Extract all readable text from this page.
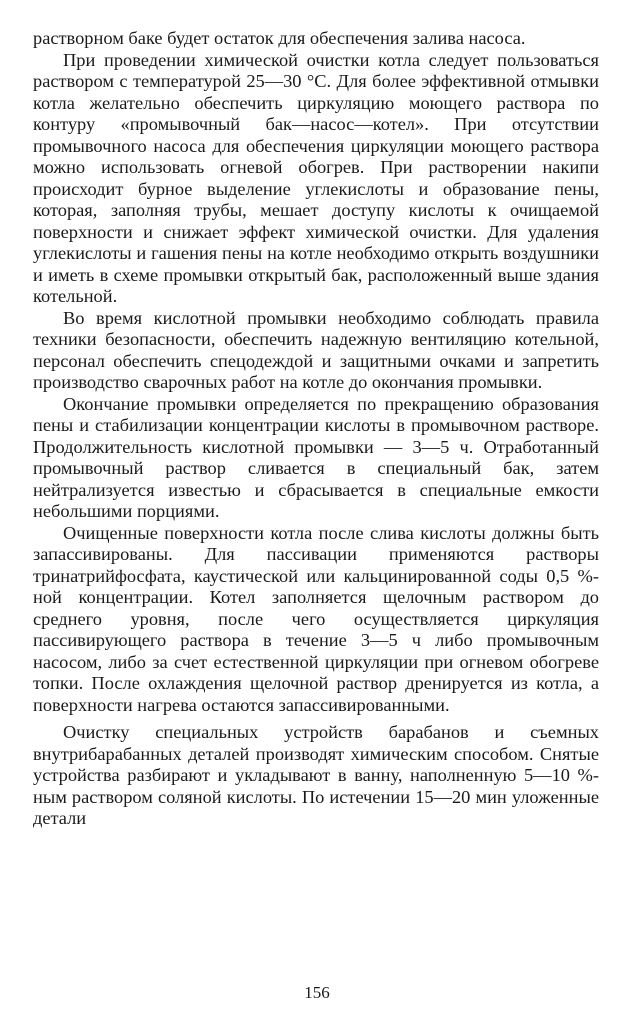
растворном баке будет остаток для обеспечения залива насоса.

При проведении химической очистки котла следует пользоваться раствором с температурой 25—30 °С. Для более эффективной отмывки котла желательно обеспечить циркуляцию моющего раствора по контуру «промывочный бак—насос—котел». При отсутствии промывочного насоса для обеспечения циркуляции моющего раствора можно использовать огневой обогрев. При растворении накипи происходит бурное выделение углекислоты и образование пены, которая, заполняя трубы, мешает доступу кислоты к очищаемой поверхности и снижает эффект химической очистки. Для удаления углекислоты и гашения пены на котле необходимо открыть воздушники и иметь в схеме промывки открытый бак, расположенный выше здания котельной.

Во время кислотной промывки необходимо соблюдать правила техники безопасности, обеспечить надежную вентиляцию котельной, персонал обеспечить спецодеждой и защитными очками и запретить производство сварочных работ на котле до окончания промывки.

Окончание промывки определяется по прекращению образования пены и стабилизации концентрации кислоты в промывочном растворе. Продолжительность кислотной промывки — 3—5 ч. Отработанный промывочный раствор сливается в специальный бак, затем нейтрализуется известью и сбрасывается в специальные емкости небольшими порциями.

Очищенные поверхности котла после слива кислоты должны быть запассивированы. Для пассивации применяются растворы тринатрийфосфата, каустической или кальцинированной соды 0,5 %-ной концентрации. Котел заполняется щелочным раствором до среднего уровня, после чего осуществляется циркуляция пассивирующего раствора в течение 3—5 ч либо промывочным насосом, либо за счет естественной циркуляции при огневом обогреве топки. После охлаждения щелочной раствор дренируется из котла, а поверхности нагрева остаются запассивированными.

Очистку специальных устройств барабанов и съемных внутрибарабанных деталей производят химическим способом. Снятые устройства разбирают и укладывают в ванну, наполненную 5—10 %-ным раствором соляной кислоты. По истечении 15—20 мин уложенные детали

156
